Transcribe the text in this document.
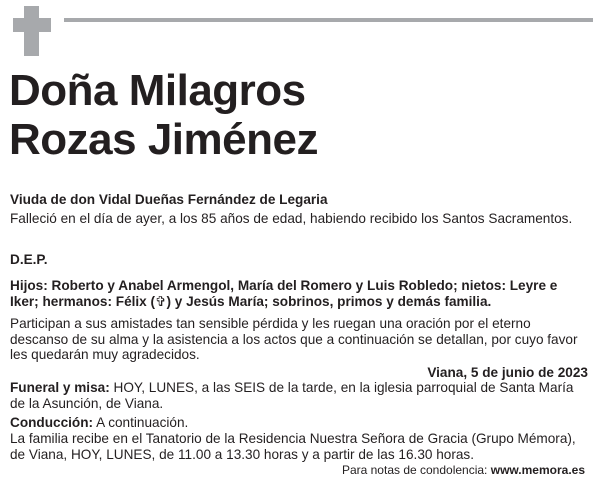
Doña Milagros
Rozas Jiménez

Viuda de don Vidal Dueñas Fernández de Legaria

Falleció en el día de ayer, a los 85 años de edad, habiendo recibido los Santos Sacramentos.

D.E.P.

Hijos: Roberto y Anabel Armengol, María del Romero y Luis Robledo; nietos: Leyre e Iker; hermanos: Félix (✞) y Jesús María; sobrinos, primos y demás familia.

Participan a sus amistades tan sensible pérdida y les ruegan una oración por el eterno descanso de su alma y la asistencia a los actos que a continuación se detallan, por cuyo favor les quedarán muy agradecidos.

Viana, 5 de junio de 2023

Funeral y misa: HOY, LUNES, a las SEIS de la tarde, en la iglesia parroquial de Santa María de la Asunción, de Viana.

Conducción: A continuación.

La familia recibe en el Tanatorio de la Residencia Nuestra Señora de Gracia (Grupo Mémora), de Viana, HOY, LUNES, de 11.00 a 13.30 horas y a partir de las 16.30 horas.

Para notas de condolencia: www.memora.es
